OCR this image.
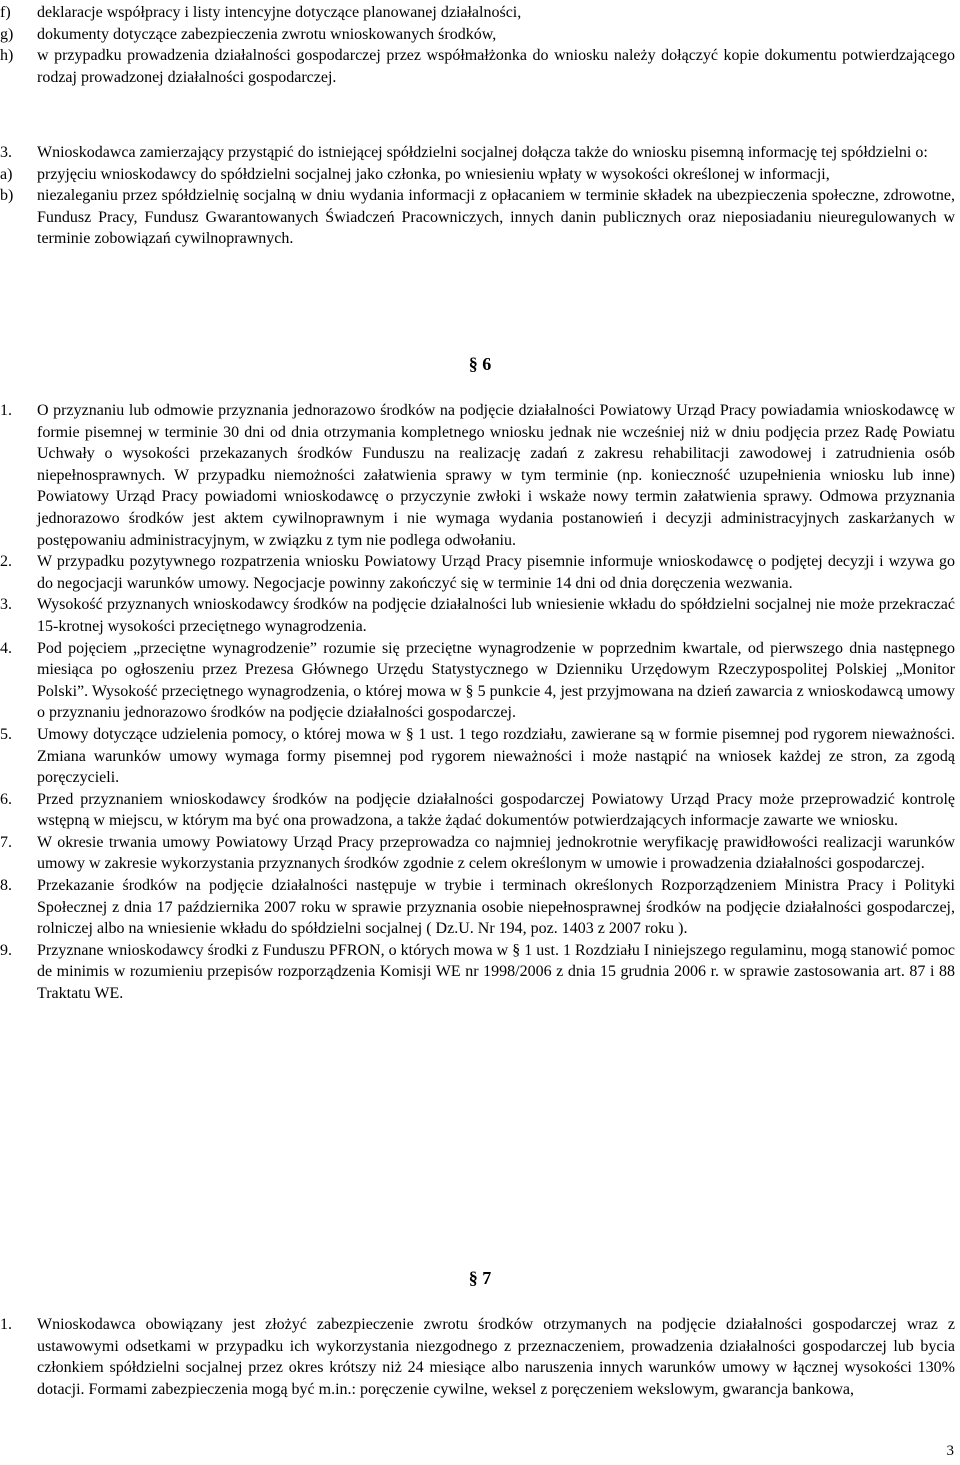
f) deklaracje współpracy i listy intencyjne dotyczące planowanej działalności,
g) dokumenty dotyczące zabezpieczenia zwrotu wnioskowanych środków,
h) w przypadku prowadzenia działalności gospodarczej przez współmałżonka do wniosku należy dołączyć kopie dokumentu potwierdzającego rodzaj prowadzonej działalności gospodarczej.
3. Wnioskodawca zamierzający przystąpić do istniejącej spółdzielni socjalnej dołącza także do wniosku pisemną informację tej spółdzielni o:
a) przyjęciu wnioskodawcy do spółdzielni socjalnej jako członka, po wniesieniu wpłaty w wysokości określonej w informacji,
b) niezaleganiu przez spółdzielnię socjalną w dniu wydania informacji z opłacaniem w terminie składek na ubezpieczenia społeczne, zdrowotne, Fundusz Pracy, Fundusz Gwarantowanych Świadczeń Pracowniczych, innych danin publicznych oraz nieposiadaniu nieuregulowanych w terminie zobowiązań cywilnoprawnych.
§ 6
1. O przyznaniu lub odmowie przyznania jednorazowo środków na podjęcie działalności Powiatowy Urząd Pracy powiadamia wnioskodawcę w formie pisemnej w terminie 30 dni od dnia otrzymania kompletnego wniosku jednak nie wcześniej niż w dniu podjęcia przez Radę Powiatu Uchwały o wysokości przekazanych środków Funduszu na realizację zadań z zakresu rehabilitacji zawodowej i zatrudnienia osób niepełnosprawnych. W przypadku niemożności załatwienia sprawy w tym terminie (np. konieczność uzupełnienia wniosku lub inne) Powiatowy Urząd Pracy powiadomi wnioskodawcę o przyczynie zwłoki i wskaże nowy termin załatwienia sprawy. Odmowa przyznania jednorazowo środków jest aktem cywilnoprawnym i nie wymaga wydania postanowień i decyzji administracyjnych zaskarżanych w postępowaniu administracyjnym, w związku z tym nie podlega odwołaniu.
2. W przypadku pozytywnego rozpatrzenia wniosku Powiatowy Urząd Pracy pisemnie informuje wnioskodawcę o podjętej decyzji i wzywa go do negocjacji warunków umowy. Negocjacje powinny zakończyć się w terminie 14 dni od dnia doręczenia wezwania.
3. Wysokość przyznanych wnioskodawcy środków na podjęcie działalności lub wniesienie wkładu do spółdzielni socjalnej nie może przekraczać 15-krotnej wysokości przeciętnego wynagrodzenia.
4. Pod pojęciem „przeciętne wynagrodzenie” rozumie się przeciętne wynagrodzenie w poprzednim kwartale, od pierwszego dnia następnego miesiąca po ogłoszeniu przez Prezesa Głównego Urzędu Statystycznego w Dzienniku Urzędowym Rzeczypospolitej Polskiej „Monitor Polski”. Wysokość przeciętnego wynagrodzenia, o której mowa w § 5 punkcie 4, jest przyjmowana na dzień zawarcia z wnioskodawcą umowy o przyznaniu jednorazowo środków na podjęcie działalności gospodarczej.
5. Umowy dotyczące udzielenia pomocy, o której mowa w § 1 ust. 1 tego rozdziału, zawierane są w formie pisemnej pod rygorem nieważności. Zmiana warunków umowy wymaga formy pisemnej pod rygorem nieważności i może nastąpić na wniosek każdej ze stron, za zgodą poręczycieli.
6. Przed przyznaniem wnioskodawcy środków na podjęcie działalności gospodarczej Powiatowy Urząd Pracy może przeprowadzić kontrolę wstępną w miejscu, w którym ma być ona prowadzona, a także żądać dokumentów potwierdzających informacje zawarte we wniosku.
7. W okresie trwania umowy Powiatowy Urząd Pracy przeprowadza co najmniej jednokrotnie weryfikację prawidłowości realizacji warunków umowy w zakresie wykorzystania przyznanych środków zgodnie z celem określonym w umowie i prowadzenia działalności gospodarczej.
8. Przekazanie środków na podjęcie działalności następuje w trybie i terminach określonych Rozporządzeniem Ministra Pracy i Polityki Społecznej z dnia 17 października 2007 roku w sprawie przyznania osobie niepełnosprawnej środków na podjęcie działalności gospodarczej, rolniczej albo na wniesienie wkładu do spółdzielni socjalnej ( Dz.U. Nr 194, poz. 1403 z 2007 roku ).
9. Przyznane wnioskodawcy środki z Funduszu PFRON, o których mowa w § 1 ust. 1 Rozdziału I niniejszego regulaminu, mogą stanowić pomoc de minimis w rozumieniu przepisów rozporządzenia Komisji WE nr 1998/2006 z dnia 15 grudnia 2006 r. w sprawie zastosowania art. 87 i 88 Traktatu WE.
§ 7
1. Wnioskodawca obowiązany jest złożyć zabezpieczenie zwrotu środków otrzymanych na podjęcie działalności gospodarczej wraz z ustawowymi odsetkami w przypadku ich wykorzystania niezgodnego z przeznaczeniem, prowadzenia działalności gospodarczej lub bycia członkiem spółdzielni socjalnej przez okres krótszy niż 24 miesiące albo naruszenia innych warunków umowy w łącznej wysokości 130% dotacji. Formami zabezpieczenia mogą być m.in.: poręczenie cywilne, weksel z poręczeniem wekslowym, gwarancja bankowa,
3
